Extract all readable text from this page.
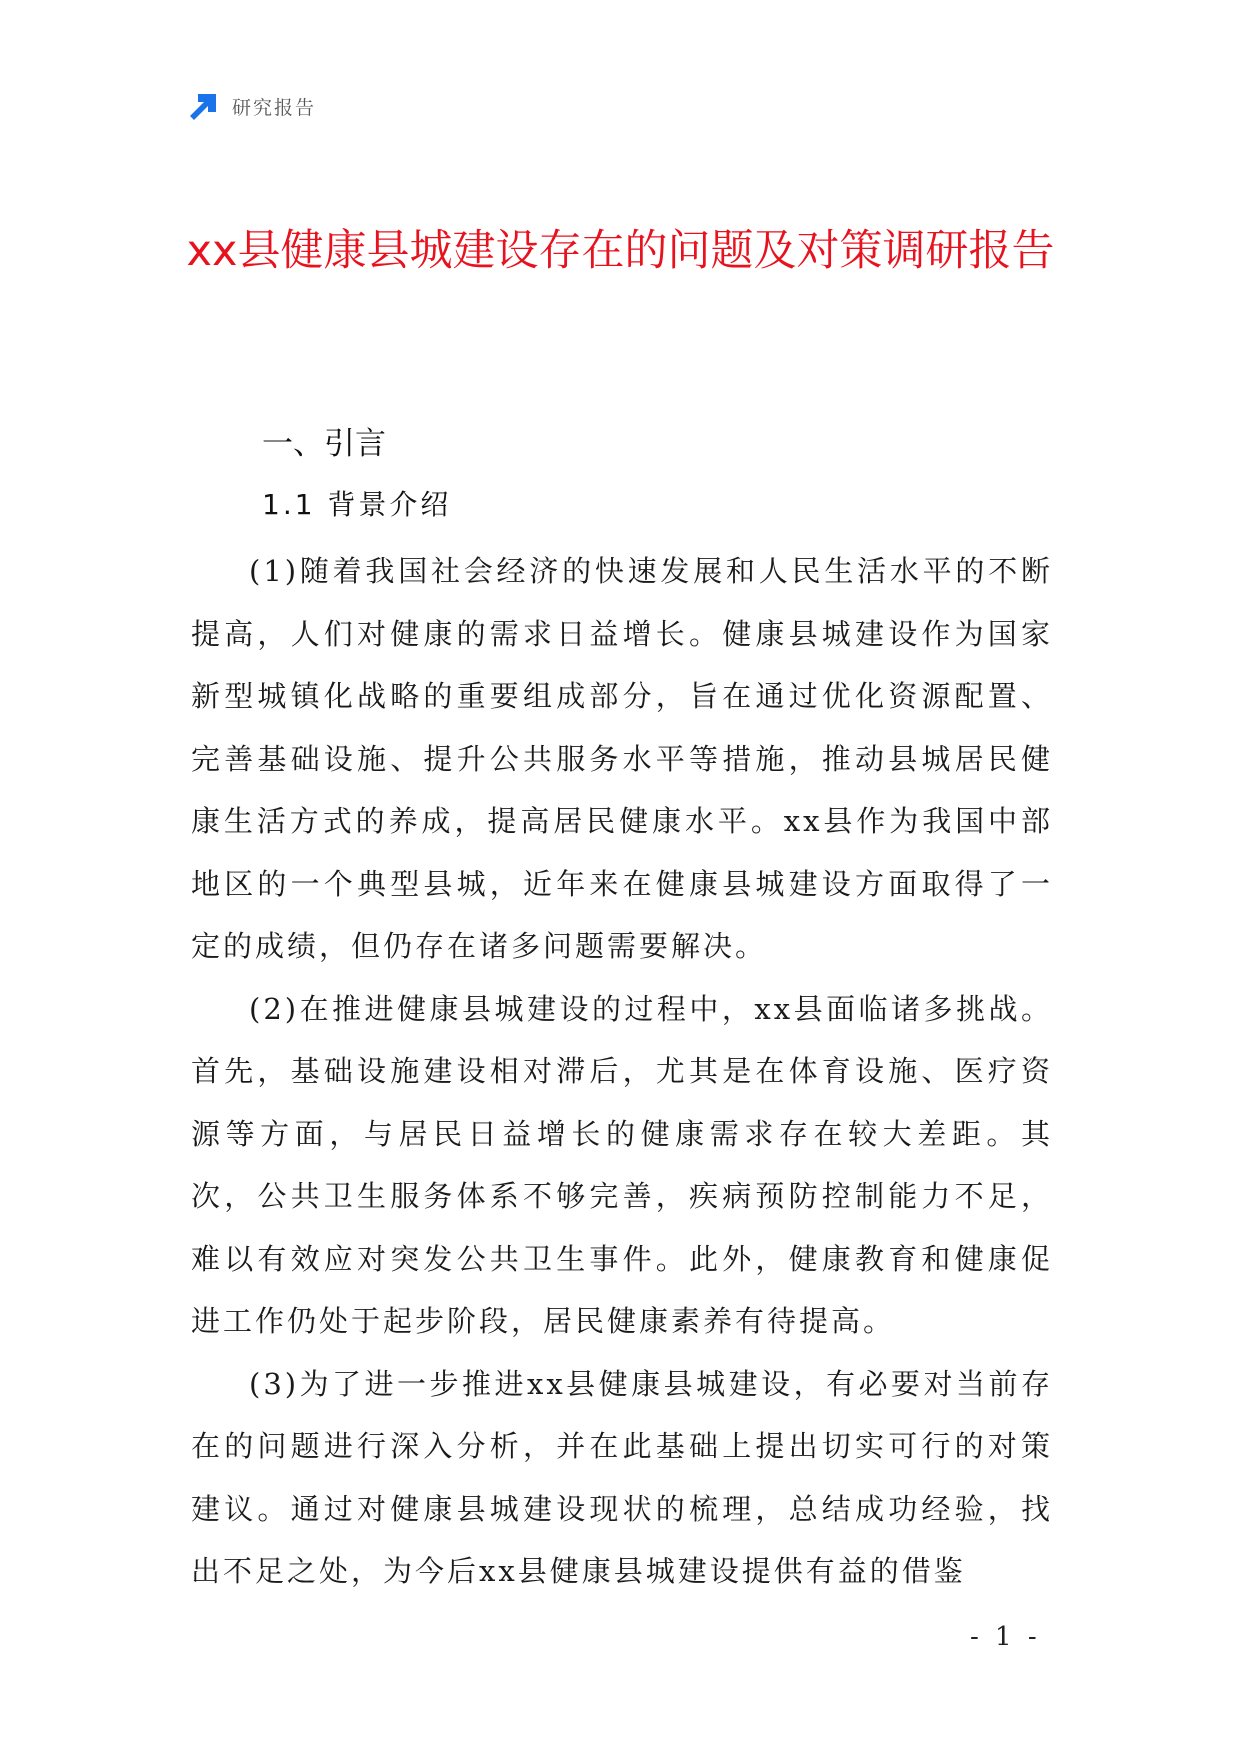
研究报告
xx县健康县城建设存在的问题及对策调研报告
一、引言
1.1 背景介绍

(1)随着我国社会经济的快速发展和人民生活水平的不断提高，人们对健康的需求日益增长。健康县城建设作为国家新型城镇化战略的重要组成部分，旨在通过优化资源配置、完善基础设施、提升公共服务水平等措施，推动县城居民健康生活方式的养成，提高居民健康水平。xx县作为我国中部地区的一个典型县城，近年来在健康县城建设方面取得了一定的成绩，但仍存在诸多问题需要解决。

(2)在推进健康县城建设的过程中，xx县面临诸多挑战。首先，基础设施建设相对滞后，尤其是在体育设施、医疗资源等方面，与居民日益增长的健康需求存在较大差距。其次，公共卫生服务体系不够完善，疾病预防控制能力不足，难以有效应对突发公共卫生事件。此外，健康教育和健康促进工作仍处于起步阶段，居民健康素养有待提高。

(3)为了进一步推进xx县健康县城建设，有必要对当前存在的问题进行深入分析，并在此基础上提出切实可行的对策建议。通过对健康县城建设现状的梳理，总结成功经验，找出不足之处，为今后xx县健康县城建设提供有益的借鉴

- 1 -
